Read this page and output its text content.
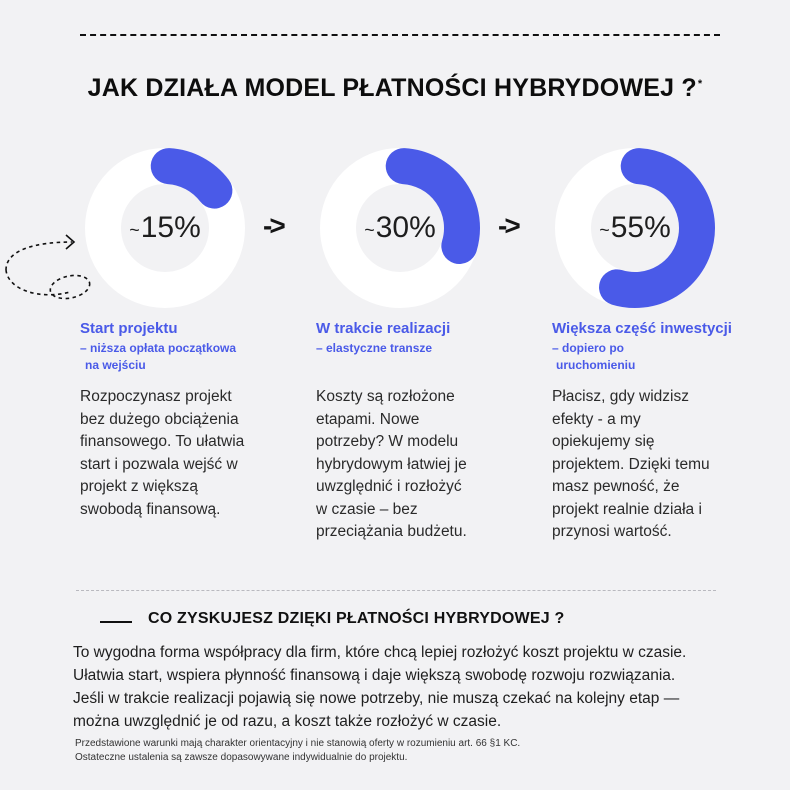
JAK DZIAŁA MODEL PŁATNOŚCI HYBRYDOWEJ ?*
~ 15% ->	~ 30% ->	~ 55%

Start projektu

– niższa opłata początkowa
na wejściu

Rozpoczynasz projekt
bez dużego obciążenia
finansowego. To ułatwia
start i pozwala wejść w
projekt z większą
swobodą finansową.

W trakcie realizacji

– elastyczne transze

Koszty są rozłożone
etapami. Nowe
potrzeby? W modelu
hybrydowym łatwiej je
uwzględnić i rozłożyć
w czasie – bez
przeciążania budżetu.

Większa część inwestycji

– dopiero po
uruchomieniu

Płacisz, gdy widzisz
efekty - a my
opiekujemy się
projektem. Dzięki temu
masz pewność, że
projekt realnie działa i
przynosi wartość.

CO ZYSKUJESZ DZIĘKI PŁATNOŚCI HYBRYDOWEJ ?
To wygodna forma współpracy dla firm, które chcą lepiej rozłożyć koszt projektu w czasie.
Ułatwia start, wspiera płynność finansową i daje większą swobodę rozwoju rozwiązania.
Jeśli w trakcie realizacji pojawią się nowe potrzeby, nie muszą czekać na kolejny etap —
można uwzględnić je od razu, a koszt także rozłożyć w czasie.
Przedstawione warunki mają charakter orientacyjny i nie stanowią oferty w rozumieniu art. 66 §1 KC.
Ostateczne ustalenia są zawsze dopasowywane indywidualnie do projektu.
